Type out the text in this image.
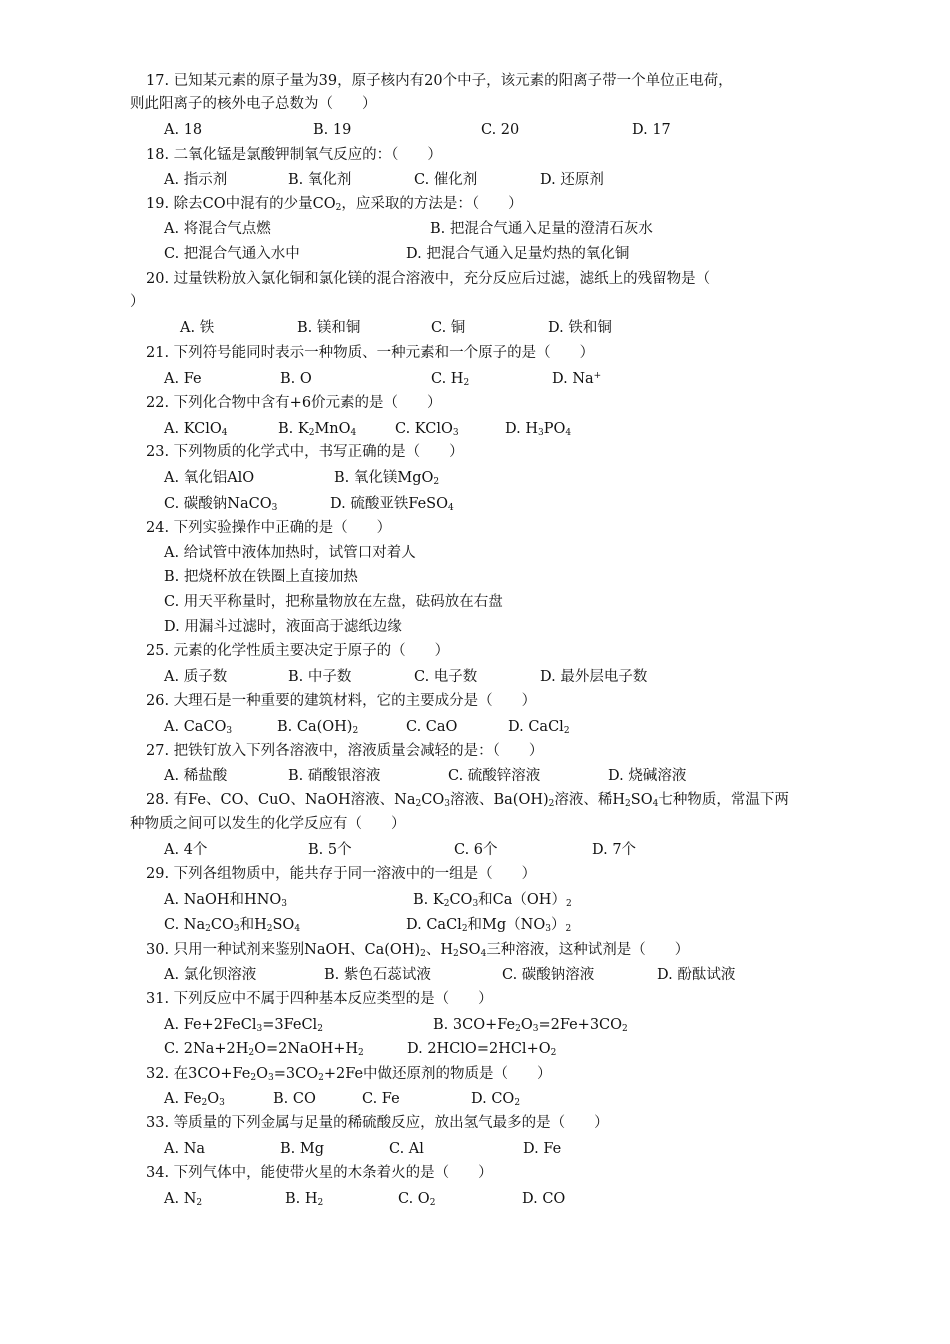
17. 已知某元素的原子量为39，原子核内有20个中子，该元素的阳离子带一个单位正电荷，
则此阳离子的核外电子总数为（　　）
A. 18	B. 19	C. 20	D. 17
18. 二氧化锰是氯酸钾制氧气反应的：（　　）
A. 指示剂	B. 氧化剂	C. 催化剂	D. 还原剂
19. 除去CO中混有的少量$CO_2$，应采取的方法是：（　　）
A. 将混合气点燃	B. 把混合气通入足量的澄清石灰水
C. 把混合气通入水中	D. 把混合气通入足量灼热的氧化铜
20. 过量铁粉放入氯化铜和氯化镁的混合溶液中，充分反应后过滤，滤纸上的残留物是（
）
A. 铁	B. 镁和铜	C. 铜	D. 铁和铜
21. 下列符号能同时表示一种物质、一种元素和一个原子的是（　　）
A. Fe	B. O	C. $H_2$	D. Na+
22. 下列化合物中含有+6价元素的是（　　）
A. KClO$_4$	B. $K_2MnO_4$	C. KClO$_3$	D. $H_3PO_4$
23. 下列物质的化学式中，书写正确的是（　　）
A. 氧化铝AlO	B. 氧化镁MgO$_2$
C. 碳酸钠NaCO$_3$	D. 硫酸亚铁FeSO$_4$
24. 下列实验操作中正确的是（　　）
A. 给试管中液体加热时，试管口对着人
B. 把烧杯放在铁圈上直接加热
C. 用天平称量时，把称量物放在左盘，砝码放在右盘
D. 用漏斗过滤时，液面高于滤纸边缘
25. 元素的化学性质主要决定于原子的（　　）
A. 质子数	B. 中子数	C. 电子数	D. 最外层电子数
26. 大理石是一种重要的建筑材料，它的主要成分是（　　）
A. CaCO$_3$	B. $Ca(OH)_2$	C. CaO	D. CaCl$_2$
27. 把铁钉放入下列各溶液中，溶液质量会减轻的是：（　　）
A. 稀盐酸	B. 硝酸银溶液	C. 硫酸锌溶液	D. 烧碱溶液
28. 有Fe、CO、CuO、NaOH溶液、$Na_2CO_3$溶液、$Ba(OH)_2$溶液、稀$H_2SO_4$七种物质，常温下两
种物质之间可以发生的化学反应有（　　）
A. 4个	B. 5个	C. 6个	D. 7个
29. 下列各组物质中，能共存于同一溶液中的一组是（　　）
A. NaOH和$HNO_3$	B. $K_2CO_3$和$Ca(OH)_2$
C. $Na_2CO_3$和$H_2SO_4$	D. CaCl$_2$和$Mg(NO_3)_2$
30. 只用一种试剂来鉴别NaOH、$Ca(OH)_2$、$H_2SO_4$三种溶液，这种试剂是（　　）
A. 氯化钡溶液	B. 紫色石蕊试液	C. 碳酸钠溶液	D. 酚酞试液
31. 下列反应中不属于四种基本反应类型的是（　　）
A. Fe+2FeCl$_3$=3FeCl$_2$	B. $3CO+Fe_2O_3=2Fe+3CO_2$
C. $2Na+2H_2O=2NaOH+H_2$	D. $2HClO=2HCl+O_2$
32. 在$3CO+Fe_2O_3=3CO_2+2Fe$中做还原剂的物质是（　　）
A. $Fe_2O_3$	B. CO	C. Fe	D. $CO_2$
33. 等质量的下列金属与足量的稀硫酸反应，放出氢气最多的是（　　）
A. Na	B. Mg	C. Al	D. Fe
34. 下列气体中，能使带火星的木条着火的是（　　）
A. $N_2$	B. $H_2$	C. $O_2$	D. CO
